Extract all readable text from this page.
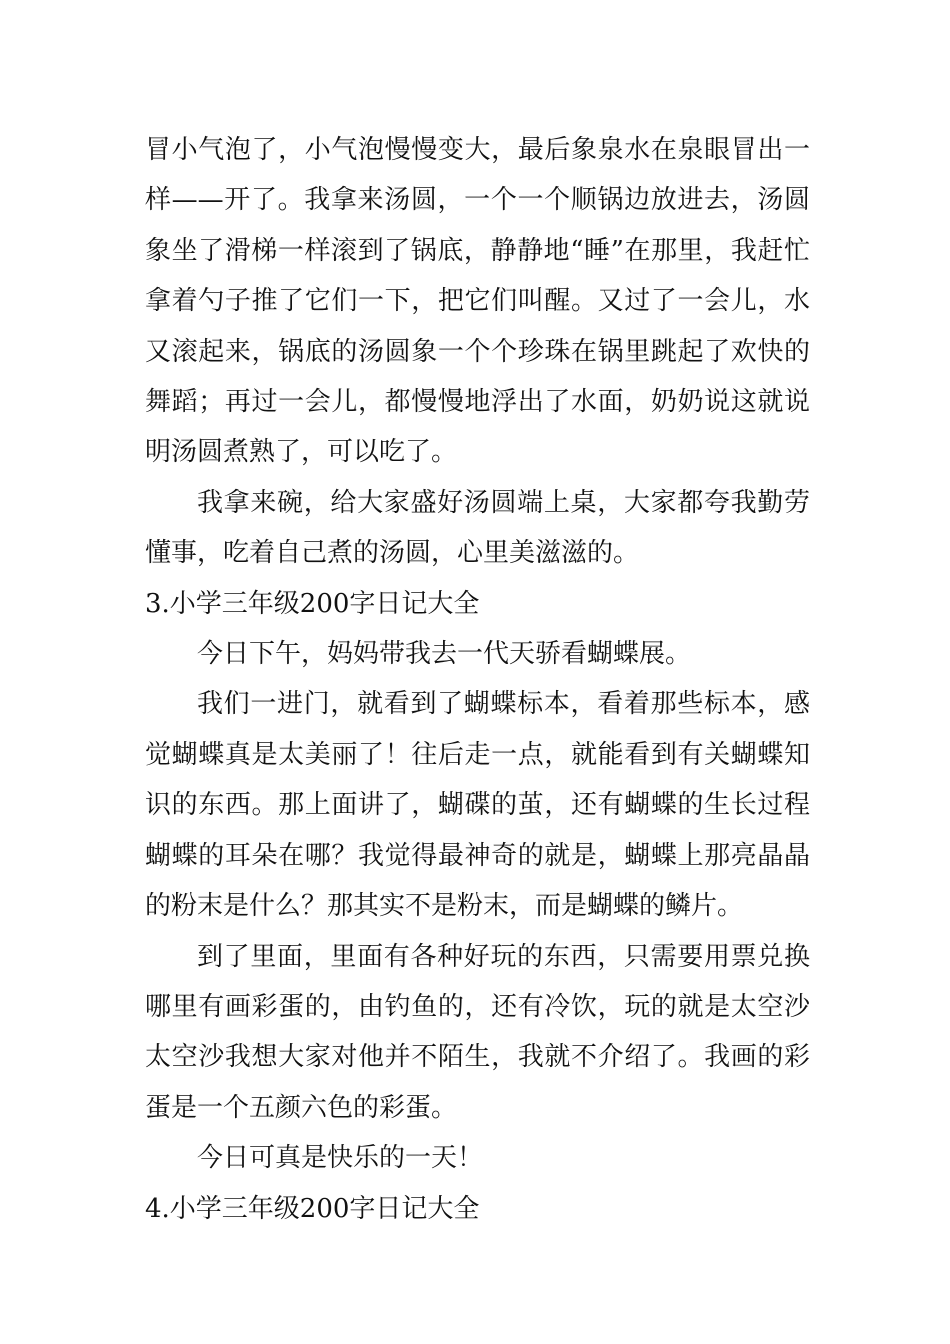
冒小气泡了，小气泡慢慢变大，最后象泉水在泉眼冒出一样——开了。我拿来汤圆，一个一个顺锅边放进去，汤圆象坐了滑梯一样滚到了锅底，静静地“睡”在那里，我赶忙拿着勺子推了它们一下，把它们叫醒。又过了一会儿，水又滚起来，锅底的汤圆象一个个珍珠在锅里跳起了欢快的舞蹈；再过一会儿，都慢慢地浮出了水面，奶奶说这就说明汤圆煮熟了，可以吃了。

我拿来碗，给大家盛好汤圆端上桌，大家都夸我勤劳懂事，吃着自己煮的汤圆，心里美滋滋的。

3.小学三年级200字日记大全

今日下午，妈妈带我去一代天骄看蝴蝶展。

我们一进门，就看到了蝴蝶标本，看着那些标本，感觉蝴蝶真是太美丽了！往后走一点，就能看到有关蝴蝶知识的东西。那上面讲了，蝴碟的茧，还有蝴蝶的生长过程蝴蝶的耳朵在哪？我觉得最神奇的就是，蝴蝶上那亮晶晶的粉末是什么？那其实不是粉末，而是蝴蝶的鳞片。

到了里面，里面有各种好玩的东西，只需要用票兑换哪里有画彩蛋的，由钓鱼的，还有冷饮，玩的就是太空沙太空沙我想大家对他并不陌生，我就不介绍了。我画的彩蛋是一个五颜六色的彩蛋。

今日可真是快乐的一天！

4.小学三年级200字日记大全
